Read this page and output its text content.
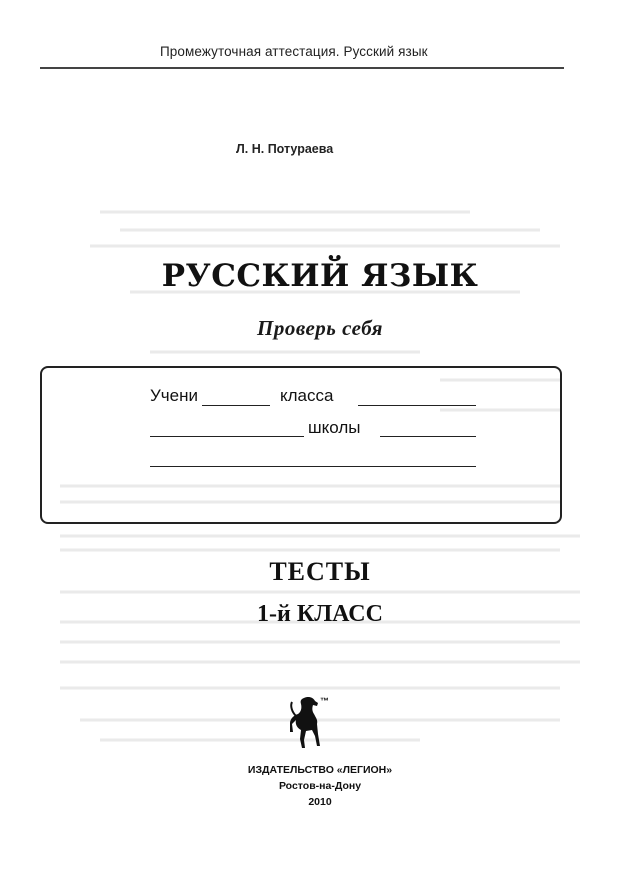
Промежуточная аттестация. Русский язык
Л. Н. Потураева
РУССКИЙ ЯЗЫК
Проверь себя
Учени	класса
школы
ТЕСТЫ
1-й КЛАСС
™
ИЗДАТЕЛЬСТВО «ЛЕГИОН»
Ростов-на-Дону
2010
